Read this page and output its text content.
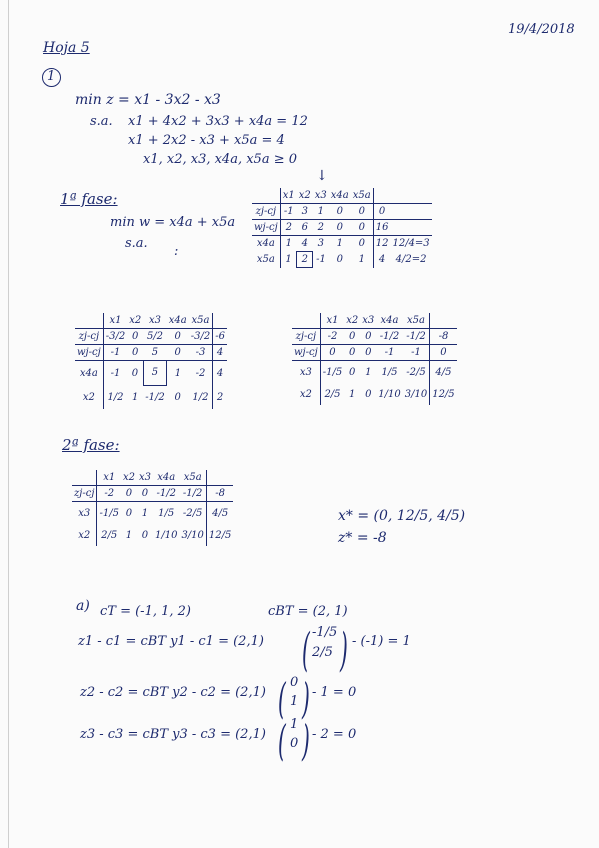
19/4/2018
Hoja 5
1
min z = x1 - 3x2 - x3
s.a. x1 + 4x2 + 3x3 + x4a = 12
x1 + 2x2 - x3 + x5a = 4
x1, x2, x3, x4a, x5a ≥ 0
1ª fase:
min w = x4a + x5a
s.a.
:
↓
	x1	x2	x3	x4a	x5a		
zj-cj	-1	3	1	0	0	0	
wj-cj	2	6	2	0	0	16	
x4a	1	4	3	1	0	12	12/4=3
x5a	1	2	-1	0	1	4	4/2=2
	x1	x2	x3	x4a	x5a	
zj-cj	-3/2	0	5/2	0	-3/2	-6
wj-cj	-1	0	5	0	-3	4
x4a	-1	0	5	1	-2	4
x2	1/2	1	-1/2	0	1/2	2
	x1	x2	x3	x4a	x5a	
zj-cj	-2	0	0	-1/2	-1/2	-8
wj-cj	0	0	0	-1	-1	0
x3	-1/5	0	1	1/5	-2/5	4/5
x2	2/5	1	0	1/10	3/10	12/5
2ª fase:
	x1	x2	x3	x4a	x5a	
zj-cj	-2	0	0	-1/2	-1/2	-8
x3	-1/5	0	1	1/5	-2/5	4/5
x2	2/5	1	0	1/10	3/10	12/5
x* = (0, 12/5, 4/5)
z* = -8
a) cT = (-1, 1, 2)	cBT = (2, 1)
z1 - c1 = cBT y1 - c1 = (2,1) ( -1/5
2/5 ) - (-1) = 1
z2 - c2 = cBT y2 - c2 = (2,1) ( 0
1 ) - 1 = 0
z3 - c3 = cBT y3 - c3 = (2,1) ( 1
0 ) - 2 = 0
